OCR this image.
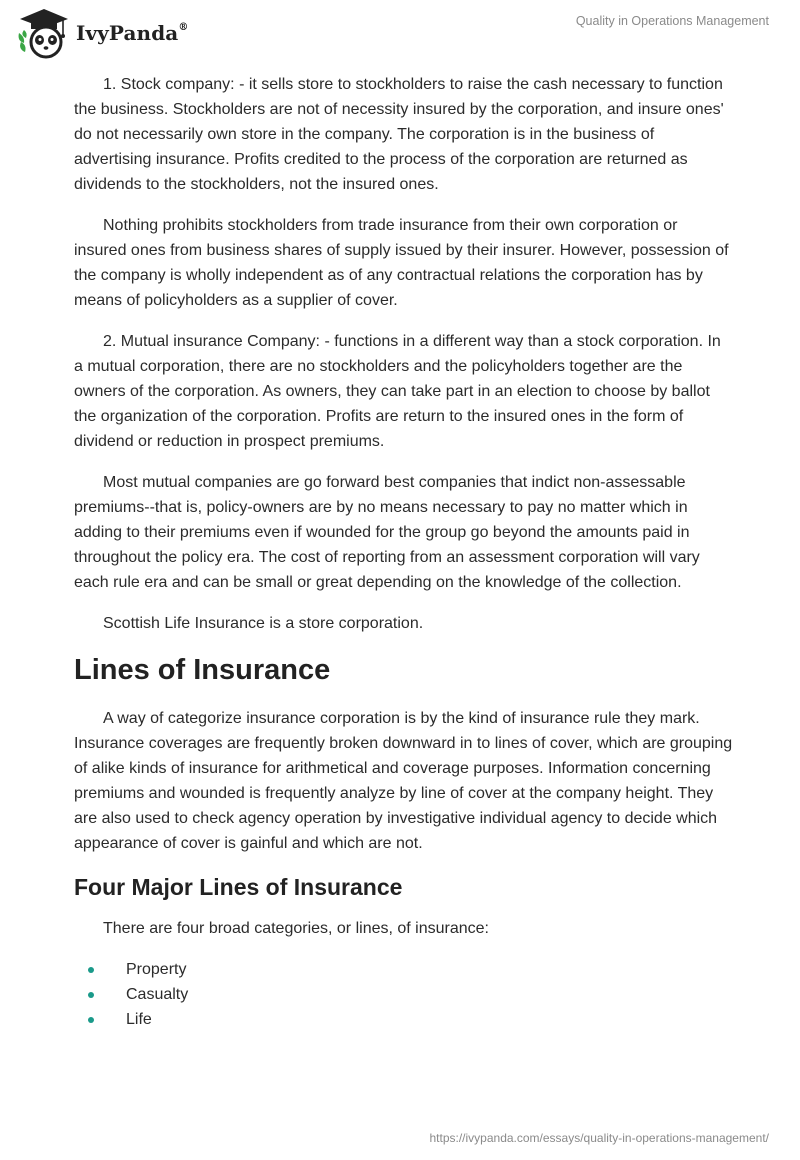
IvyPanda®	Quality in Operations Management

1. Stock company: - it sells store to stockholders to raise the cash necessary to function the business. Stockholders are not of necessity insured by the corporation, and insure ones' do not necessarily own store in the company. The corporation is in the business of advertising insurance. Profits credited to the process of the corporation are returned as dividends to the stockholders, not the insured ones.

Nothing prohibits stockholders from trade insurance from their own corporation or insured ones from business shares of supply issued by their insurer. However, possession of the company is wholly independent as of any contractual relations the corporation has by means of policyholders as a supplier of cover.

2. Mutual insurance Company: - functions in a different way than a stock corporation. In a mutual corporation, there are no stockholders and the policyholders together are the owners of the corporation. As owners, they can take part in an election to choose by ballot the organization of the corporation. Profits are return to the insured ones in the form of dividend or reduction in prospect premiums.

Most mutual companies are go forward best companies that indict non-assessable premiums--that is, policy-owners are by no means necessary to pay no matter which in adding to their premiums even if wounded for the group go beyond the amounts paid in throughout the policy era. The cost of reporting from an assessment corporation will vary each rule era and can be small or great depending on the knowledge of the collection.

Scottish Life Insurance is a store corporation.

Lines of Insurance

A way of categorize insurance corporation is by the kind of insurance rule they mark. Insurance coverages are frequently broken downward in to lines of cover, which are grouping of alike kinds of insurance for arithmetical and coverage purposes. Information concerning premiums and wounded is frequently analyze by line of cover at the company height. They are also used to check agency operation by investigative individual agency to decide which appearance of cover is gainful and which are not.

Four Major Lines of Insurance

There are four broad categories, or lines, of insurance:

Property
Casualty
Life
https://ivypanda.com/essays/quality-in-operations-management/
